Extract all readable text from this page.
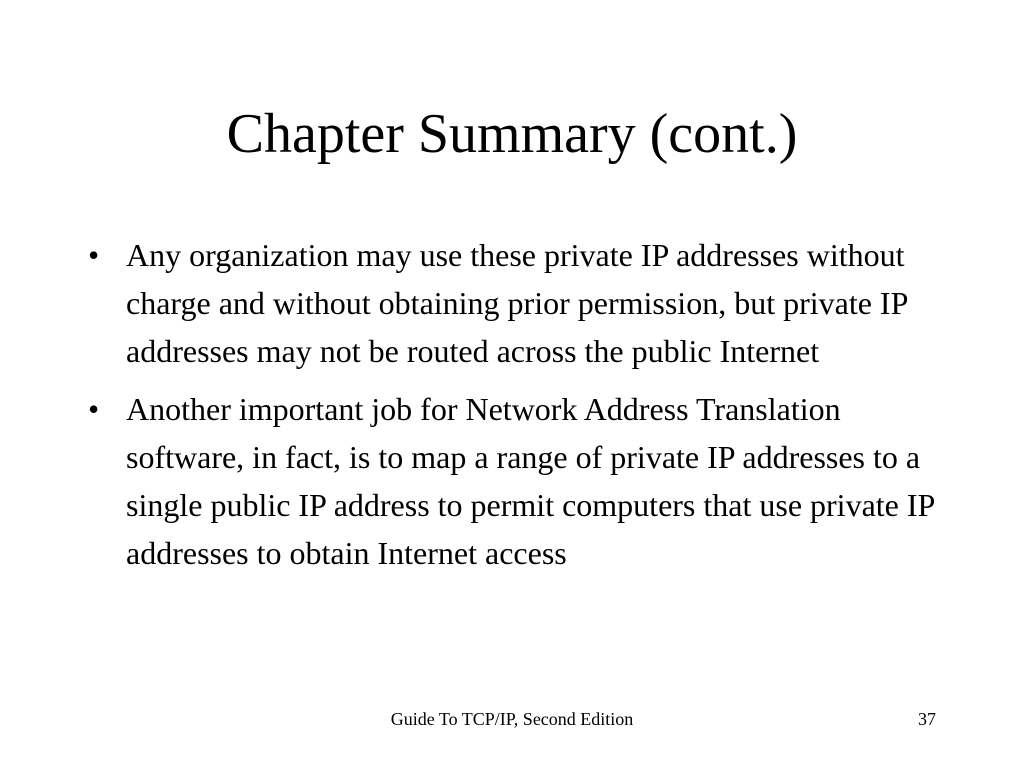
Chapter Summary (cont.)
• Any organization may use these private IP addresses without charge and without obtaining prior permission, but private IP addresses may not be routed across the public Internet
• Another important job for Network Address Translation software, in fact, is to map a range of private IP addresses to a single public IP address to permit computers that use private IP addresses to obtain Internet access
Guide To TCP/IP, Second Edition	37
